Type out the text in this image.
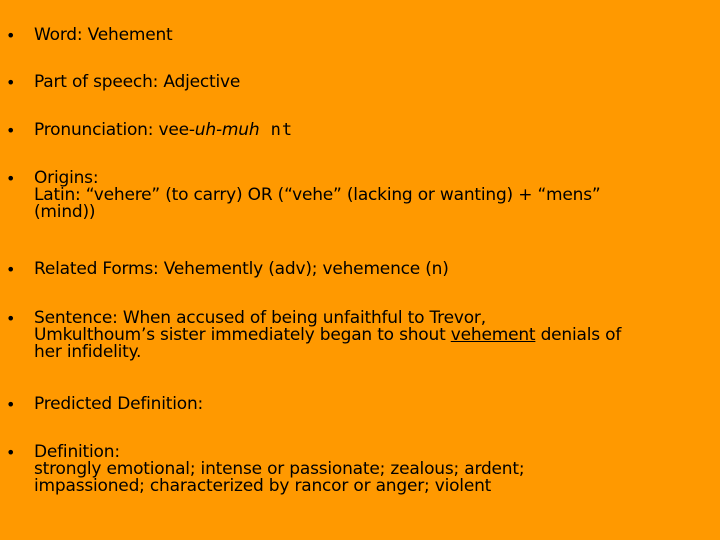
• Word: Vehement
• Part of speech: Adjective
• Pronunciation: vee-uh-muh nt
• Origins:
Latin: “vehere” (to carry) OR (“vehe” (lacking or wanting) + “mens”
(mind))
• Related Forms: Vehemently (adv); vehemence (n)
• Sentence: When accused of being unfaithful to Trevor,
Umkulthoum’s sister immediately began to shout vehement denials of
her infidelity.
• Predicted Definition:
• Definition:
strongly emotional; intense or passionate; zealous; ardent;
impassioned; characterized by rancor or anger; violent
